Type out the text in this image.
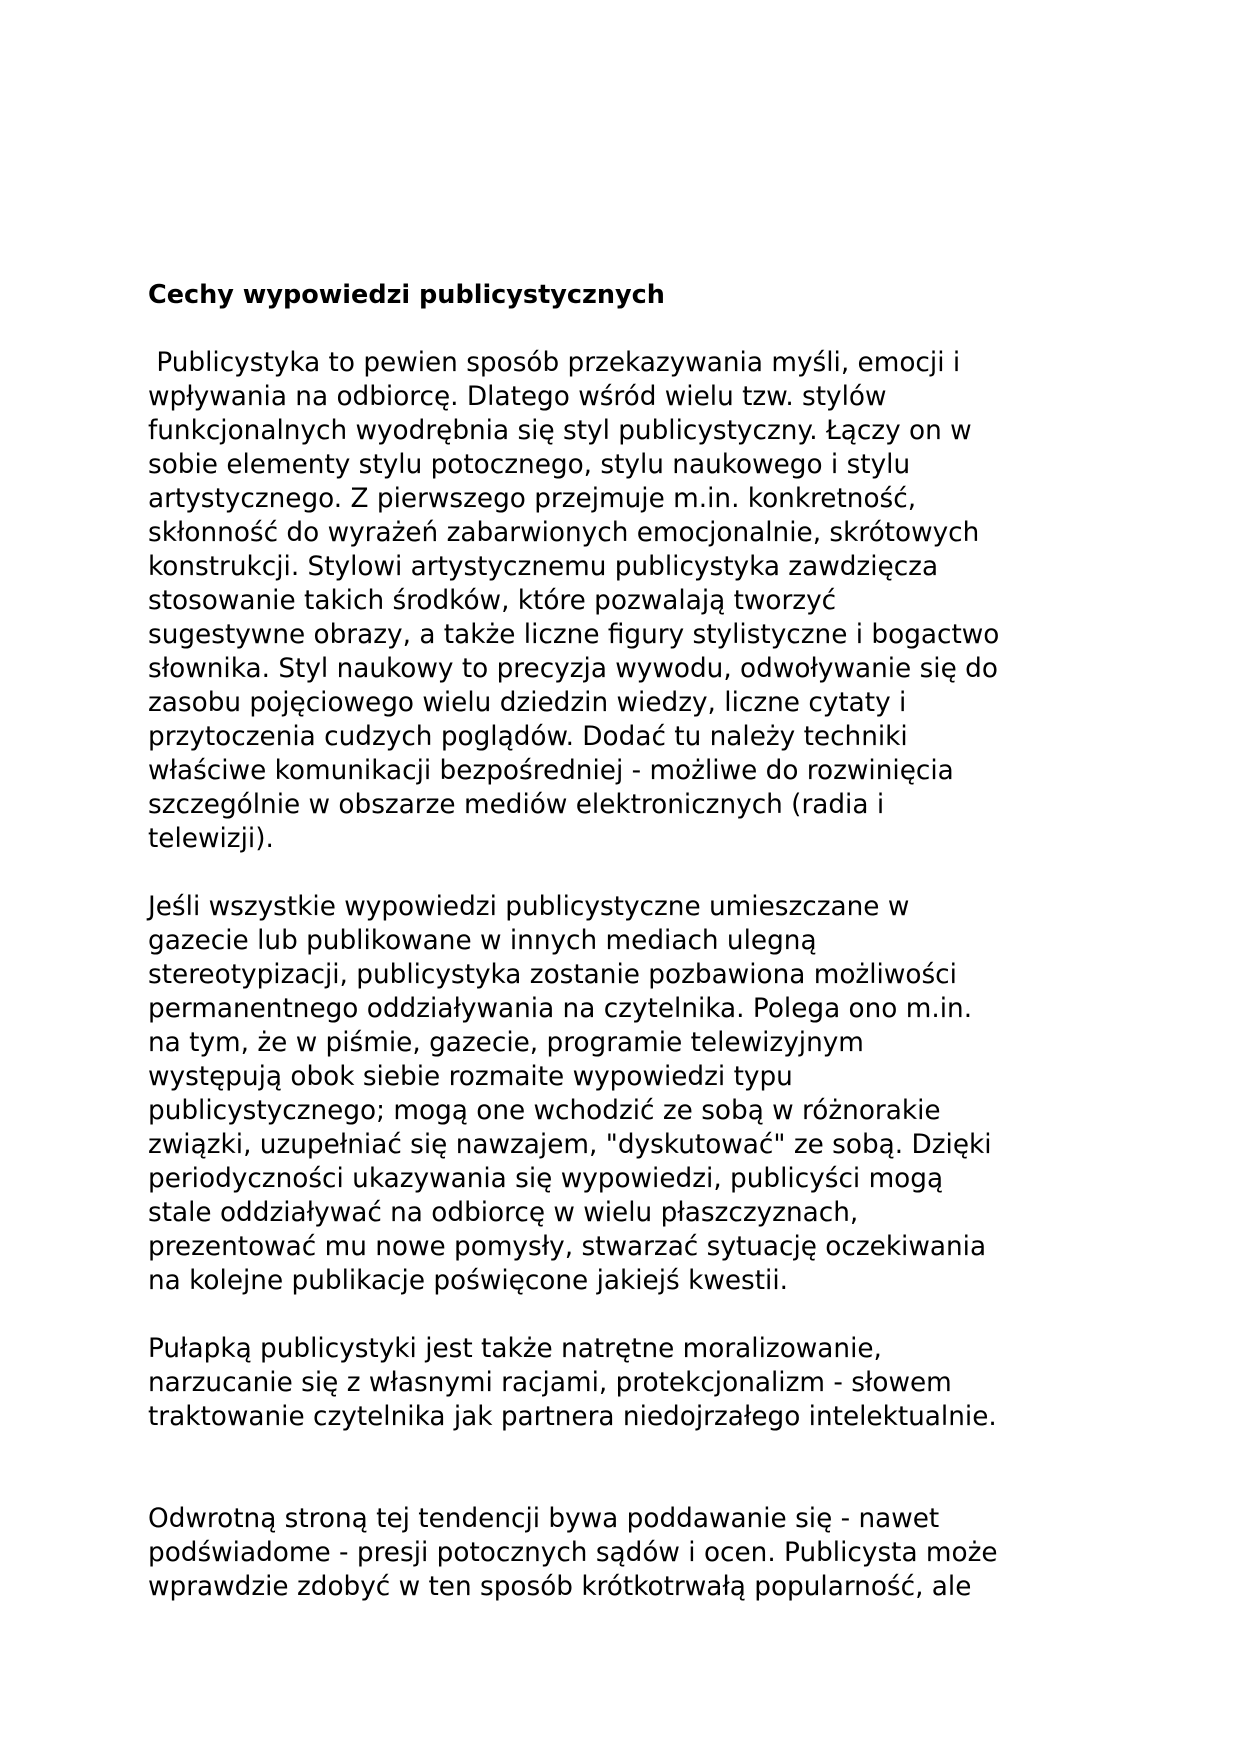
Cechy wypowiedzi publicystycznych
Publicystyka to pewien sposób przekazywania myśli, emocji i
wpływania na odbiorcę. Dlatego wśród wielu tzw. stylów
funkcjonalnych wyodrębnia się styl publicystyczny. Łączy on w
sobie elementy stylu potocznego, stylu naukowego i stylu
artystycznego. Z pierwszego przejmuje m.in. konkretność,
skłonność do wyrażeń zabarwionych emocjonalnie, skrótowych
konstrukcji. Stylowi artystycznemu publicystyka zawdzięcza
stosowanie takich środków, które pozwalają tworzyć
sugestywne obrazy, a także liczne figury stylistyczne i bogactwo
słownika. Styl naukowy to precyzja wywodu, odwoływanie się do
zasobu pojęciowego wielu dziedzin wiedzy, liczne cytaty i
przytoczenia cudzych poglądów. Dodać tu należy techniki
właściwe komunikacji bezpośredniej - możliwe do rozwinięcia
szczególnie w obszarze mediów elektronicznych (radia i
telewizji).
Jeśli wszystkie wypowiedzi publicystyczne umieszczane w
gazecie lub publikowane w innych mediach ulegną
stereotypizacji, publicystyka zostanie pozbawiona możliwości
permanentnego oddziaływania na czytelnika. Polega ono m.in.
na tym, że w piśmie, gazecie, programie telewizyjnym
występują obok siebie rozmaite wypowiedzi typu
publicystycznego; mogą one wchodzić ze sobą w różnorakie
związki, uzupełniać się nawzajem, "dyskutować" ze sobą. Dzięki
periodyczności ukazywania się wypowiedzi, publicyści mogą
stale oddziaływać na odbiorcę w wielu płaszczyznach,
prezentować mu nowe pomysły, stwarzać sytuację oczekiwania
na kolejne publikacje poświęcone jakiejś kwestii.
Pułapką publicystyki jest także natrętne moralizowanie,
narzucanie się z własnymi racjami, protekcjonalizm - słowem
traktowanie czytelnika jak partnera niedojrzałego intelektualnie.
Odwrotną stroną tej tendencji bywa poddawanie się - nawet
podświadome - presji potocznych sądów i ocen. Publicysta może
wprawdzie zdobyć w ten sposób krótkotrwałą popularność, ale
